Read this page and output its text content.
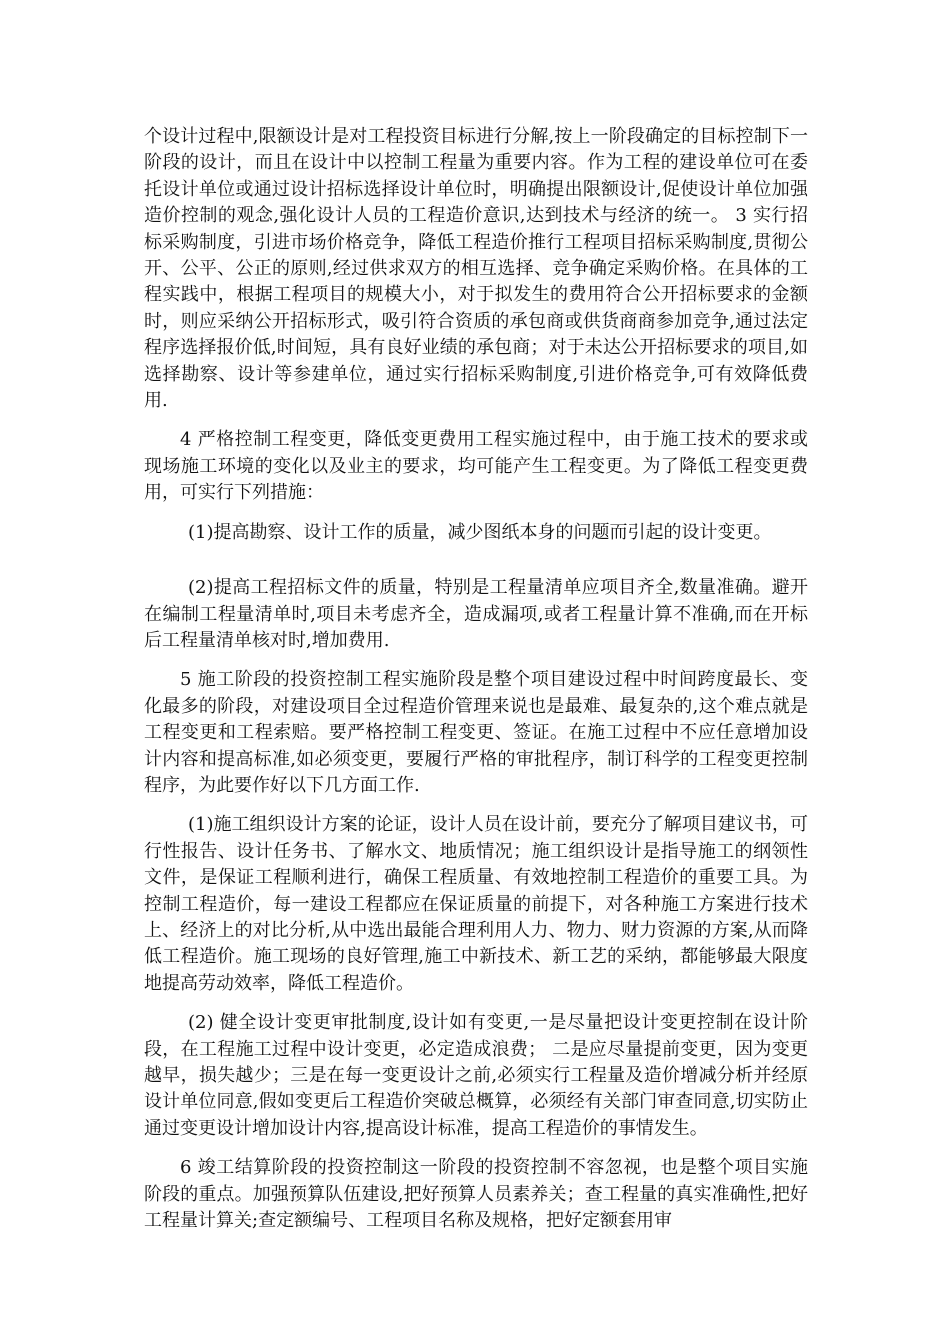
个设计过程中,限额设计是对工程投资目标进行分解,按上一阶段确定的目标控制下一阶段的设计，而且在设计中以控制工程量为重要内容。作为工程的建设单位可在委托设计单位或通过设计招标选择设计单位时，明确提出限额设计,促使设计单位加强造价控制的观念,强化设计人员的工程造价意识,达到技术与经济的统一。 3 实行招标采购制度，引进市场价格竞争，降低工程造价推行工程项目招标采购制度,贯彻公开、公平、公正的原则,经过供求双方的相互选择、竞争确定采购价格。在具体的工程实践中，根据工程项目的规模大小，对于拟发生的费用符合公开招标要求的金额时，则应采纳公开招标形式，吸引符合资质的承包商或供货商商参加竞争,通过法定程序选择报价低,时间短，具有良好业绩的承包商；对于未达公开招标要求的项目,如选择勘察、设计等参建单位，通过实行招标采购制度,引进价格竞争,可有效降低费用.

4 严格控制工程变更，降低变更费用工程实施过程中，由于施工技术的要求或现场施工环境的变化以及业主的要求，均可能产生工程变更。为了降低工程变更费用，可实行下列措施：

(1)提高勘察、设计工作的质量，减少图纸本身的问题而引起的设计变更。

(2)提高工程招标文件的质量，特别是工程量清单应项目齐全,数量准确。避开在编制工程量清单时,项目未考虑齐全，造成漏项,或者工程量计算不准确,而在开标后工程量清单核对时,增加费用.

5 施工阶段的投资控制工程实施阶段是整个项目建设过程中时间跨度最长、变化最多的阶段，对建设项目全过程造价管理来说也是最难、最复杂的,这个难点就是工程变更和工程索赔。要严格控制工程变更、签证。在施工过程中不应任意增加设计内容和提高标准,如必须变更，要履行严格的审批程序，制订科学的工程变更控制程序，为此要作好以下几方面工作.

(1)施工组织设计方案的论证，设计人员在设计前，要充分了解项目建议书，可行性报告、设计任务书、了解水文、地质情况；施工组织设计是指导施工的纲领性文件，是保证工程顺利进行，确保工程质量、有效地控制工程造价的重要工具。为控制工程造价，每一建设工程都应在保证质量的前提下，对各种施工方案进行技术上、经济上的对比分析,从中选出最能合理利用人力、物力、财力资源的方案,从而降低工程造价。施工现场的良好管理,施工中新技术、新工艺的采纳，都能够最大限度地提高劳动效率，降低工程造价。

(2) 健全设计变更审批制度,设计如有变更,一是尽量把设计变更控制在设计阶段，在工程施工过程中设计变更，必定造成浪费； 二是应尽量提前变更，因为变更越早，损失越少；三是在每一变更设计之前,必须实行工程量及造价增减分析并经原设计单位同意,假如变更后工程造价突破总概算，必须经有关部门审查同意,切实防止通过变更设计增加设计内容,提高设计标准，提高工程造价的事情发生。

6 竣工结算阶段的投资控制这一阶段的投资控制不容忽视，也是整个项目实施阶段的重点。加强预算队伍建设,把好预算人员素养关；查工程量的真实准确性,把好工程量计算关;查定额编号、工程项目名称及规格，把好定额套用审
